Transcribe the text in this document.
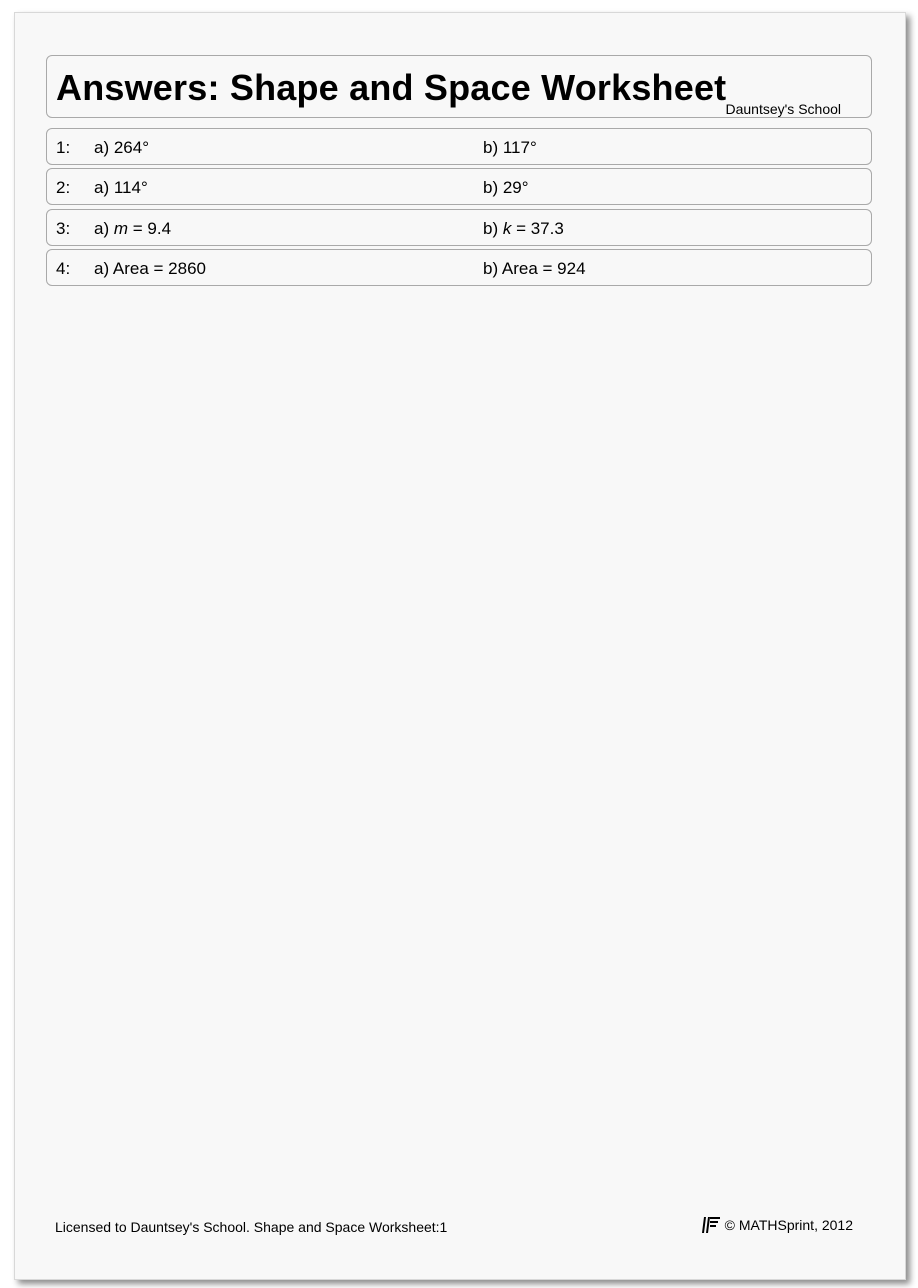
Answers: Shape and Space Worksheet
Dauntsey's School
1: a) 264°	b) 117°
2: a) 114°	b) 29°
3: a) m = 9.4	b) k = 37.3
4: a) Area = 2860	b) Area = 924
Licensed to Dauntsey's School. Shape and Space Worksheet:1	© MATHSprint, 2012
